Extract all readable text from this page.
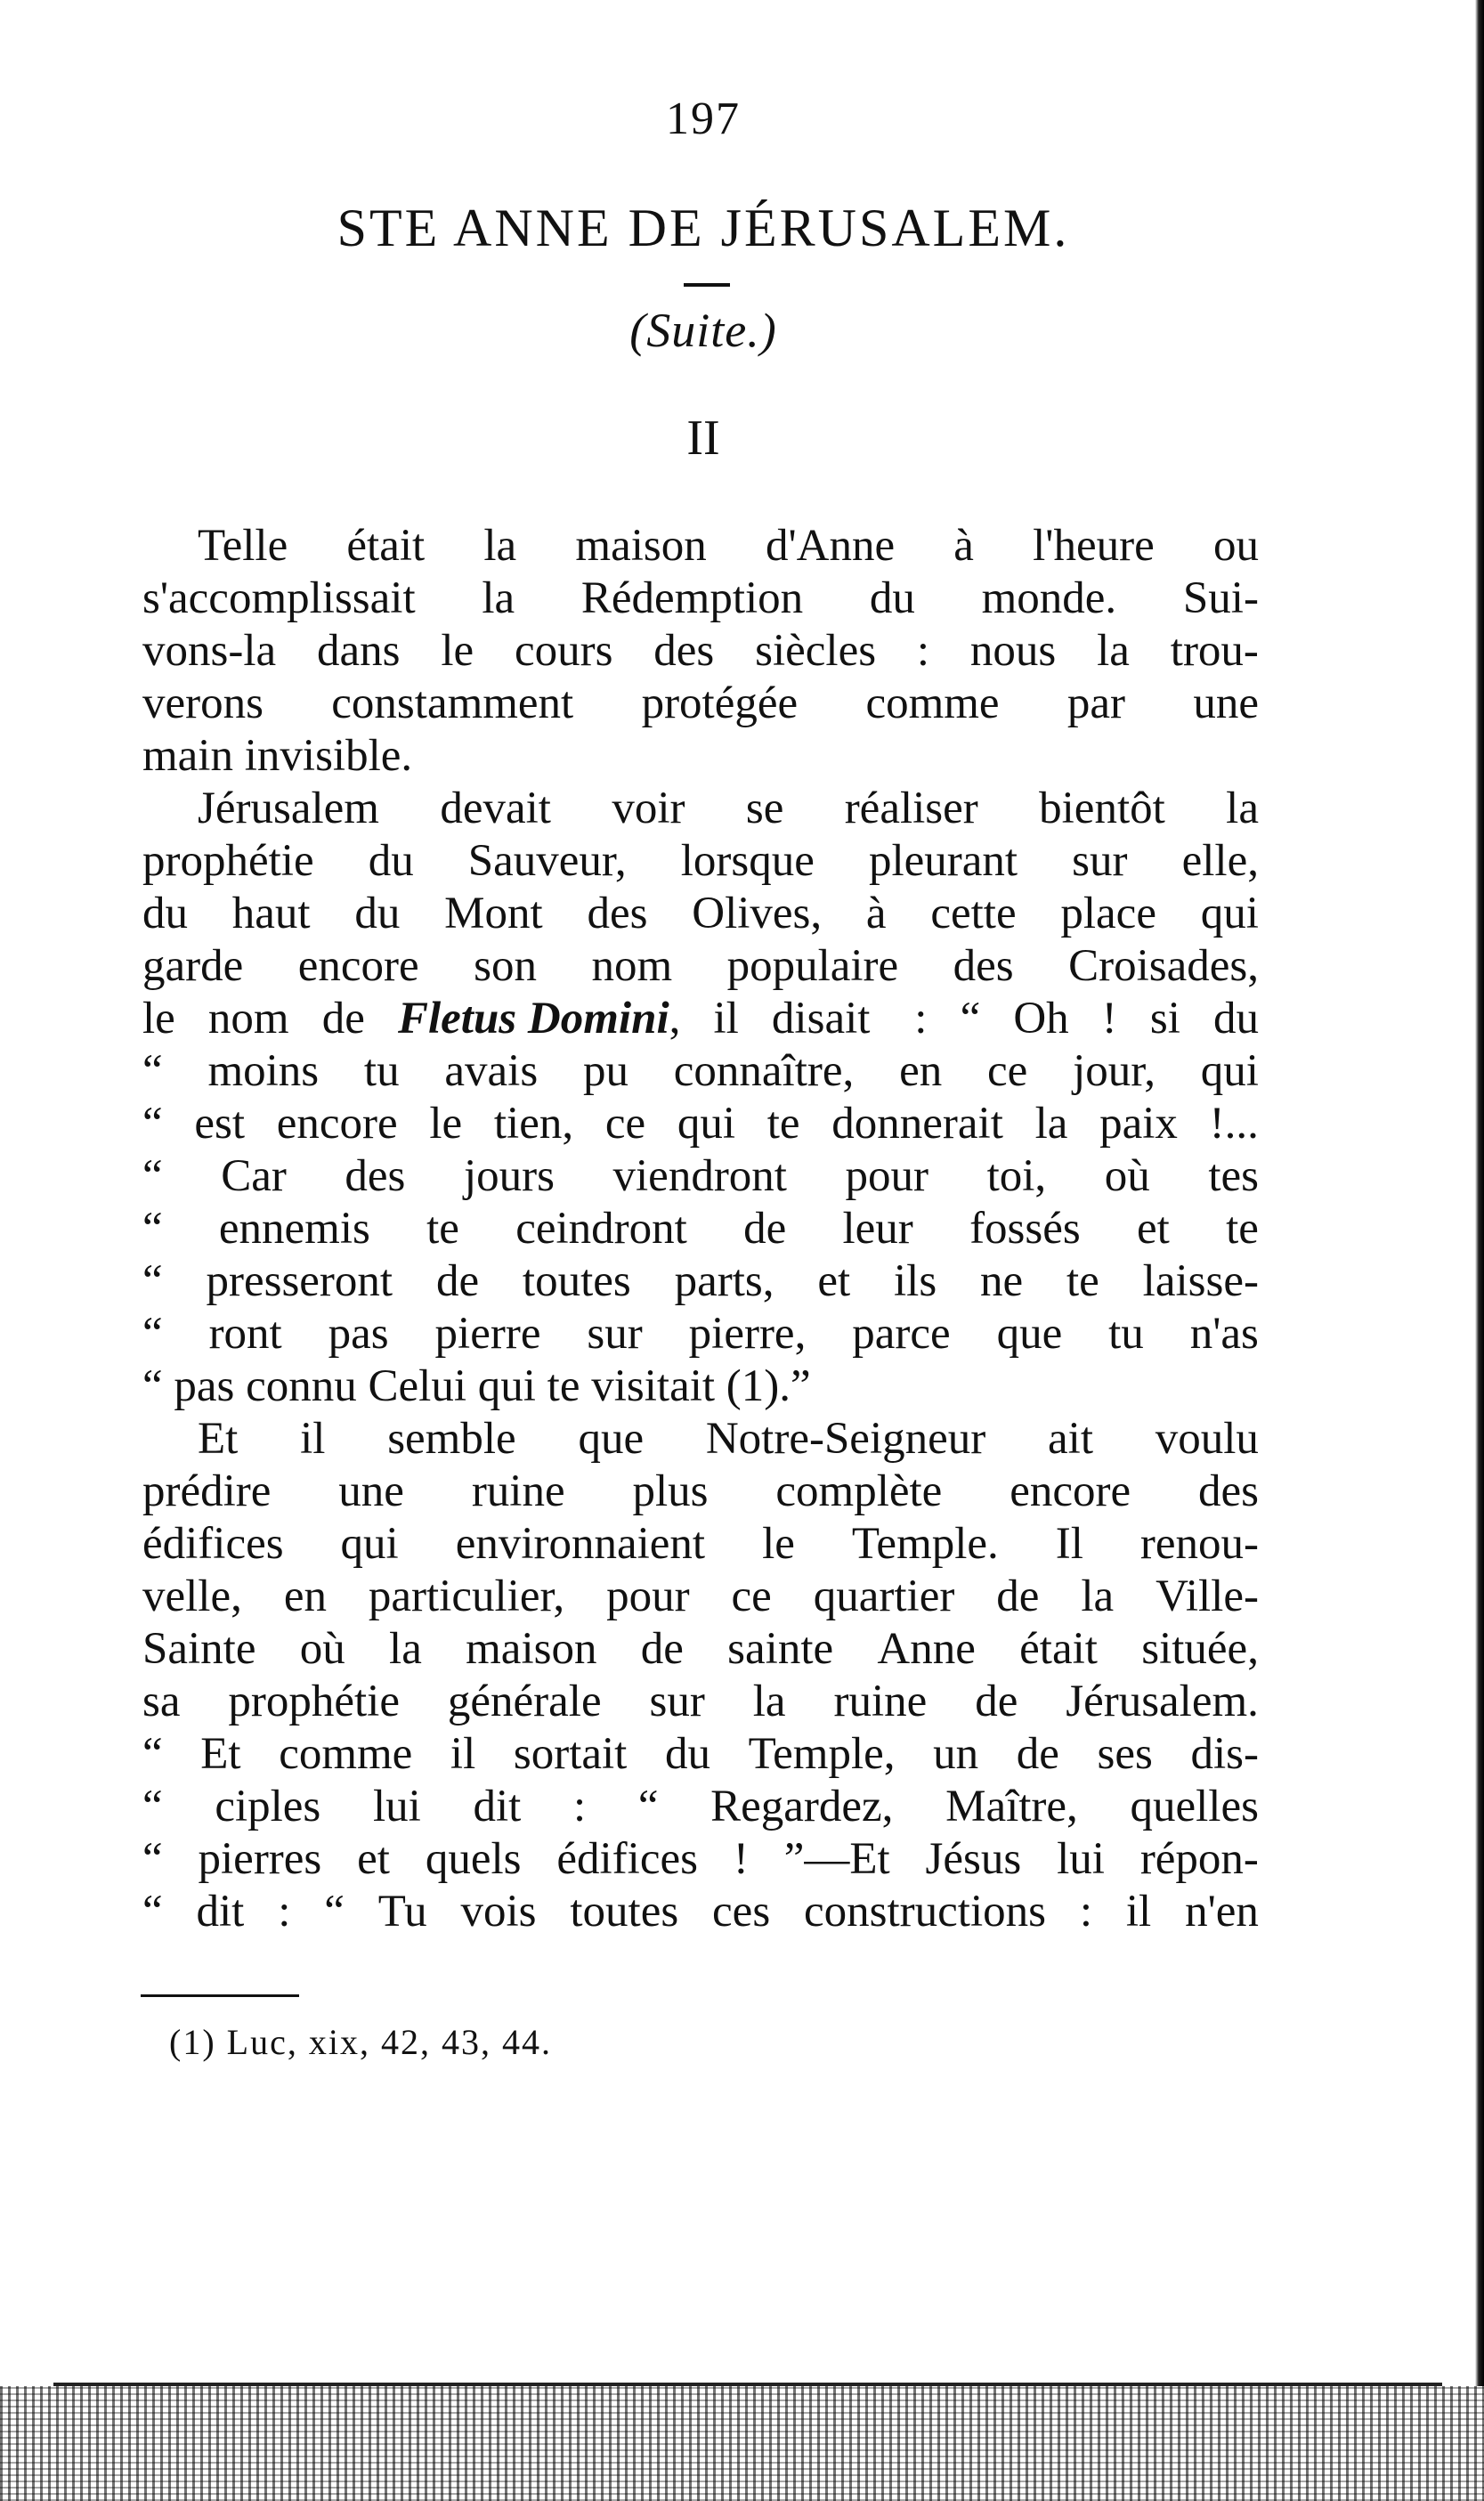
197
STE ANNE DE JÉRUSALEM.
(Suite.)
II
Telle était la maison d'Anne à l'heure ou
s'accomplissait la Rédemption du monde. Sui-
vons-la dans le cours des siècles : nous la trou-
verons constamment protégée comme par une
main invisible.
Jérusalem devait voir se réaliser bientôt la
prophétie du Sauveur, lorsque pleurant sur elle,
du haut du Mont des Olives, à cette place qui
garde encore son nom populaire des Croisades,
le nom de Fletus Domini, il disait : “ Oh ! si du
“ moins tu avais pu connaître, en ce jour, qui
“ est encore le tien, ce qui te donnerait la paix !...
“ Car des jours viendront pour toi, où tes
“ ennemis te ceindront de leur fossés et te
“ presseront de toutes parts, et ils ne te laisse-
“ ront pas pierre sur pierre, parce que tu n'as
“ pas connu Celui qui te visitait (1).”
Et il semble que Notre-Seigneur ait voulu
prédire une ruine plus complète encore des
édifices qui environnaient le Temple. Il renou-
velle, en particulier, pour ce quartier de la Ville-
Sainte où la maison de sainte Anne était située,
sa prophétie générale sur la ruine de Jérusalem.
“ Et comme il sortait du Temple, un de ses dis-
“ ciples lui dit : “ Regardez, Maître, quelles
“ pierres et quels édifices ! ”—Et Jésus lui répon-
“ dit : “ Tu vois toutes ces constructions : il n'en
(1) Luc, xix, 42, 43, 44.
